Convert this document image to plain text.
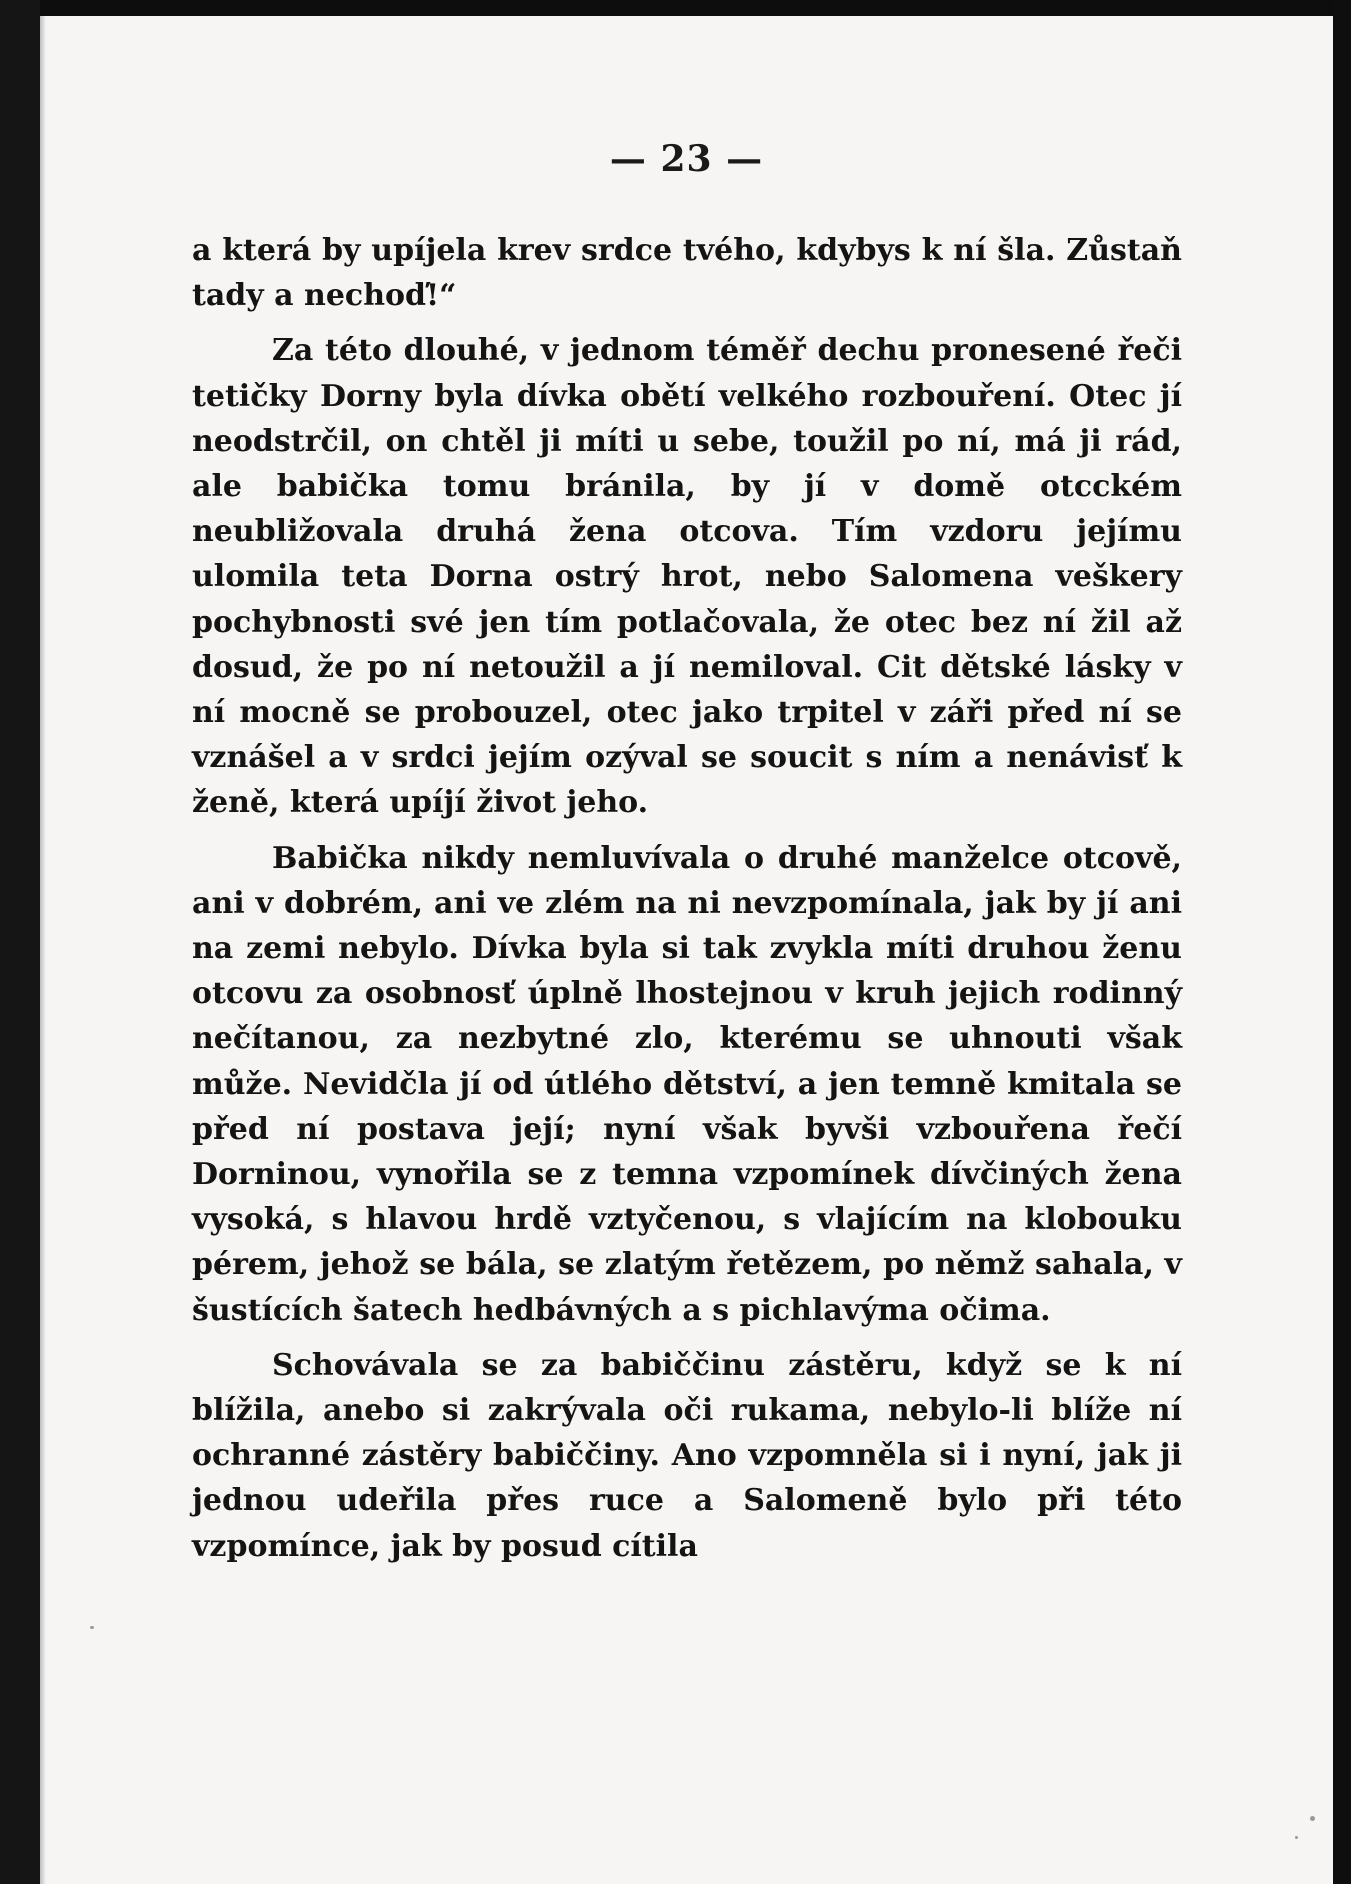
— 23 —

a která by upíjela krev srdce tvého, kdybys k ní šla. Zůstaň tady a nechoď!“

Za této dlouhé, v jednom téměř dechu pronesené řeči tetičky Dorny byla dívka obětí velkého rozbouření. Otec jí neodstrčil, on chtěl ji míti u sebe, toužil po ní, má ji rád, ale babička tomu bránila, by jí v domě otcckém neubližovala druhá žena otcova. Tím vzdoru jejímu ulomila teta Dorna ostrý hrot, nebo Salomena veškery pochybnosti své jen tím potlačovala, že otec bez ní žil až dosud, že po ní netoužil a jí nemiloval. Cit dětské lásky v ní mocně se probouzel, otec jako trpitel v záři před ní se vznášel a v srdci jejím ozýval se soucit s ním a nenávisť k ženě, která upíjí život jeho.

Babička nikdy nemluvívala o druhé manželce otcově, ani v dobrém, ani ve zlém na ni nevzpomínala, jak by jí ani na zemi nebylo. Dívka byla si tak zvykla míti druhou ženu otcovu za osobnosť úplně lhostejnou v kruh jejich rodinný nečítanou, za nezbytné zlo, kterému se uhnouti však může. Nevidčla jí od útlého dětství, a jen temně kmitala se před ní postava její; nyní však byvši vzbouřena řečí Dorninou, vynořila se z temna vzpomínek dívčiných žena vysoká, s hlavou hrdě vztyčenou, s vlajícím na klobouku pérem, jehož se bála, se zlatým řetězem, po němž sahala, v šustících šatech hedbávných a s pichlavýma očima.

Schovávala se za babiččinu zástěru, když se k ní blížila, anebo si zakrývala oči rukama, nebylo-li blíže ní ochranné zástěry babiččiny. Ano vzpomněla si i nyní, jak ji jednou udeřila přes ruce a Salomeně bylo při této vzpomínce, jak by posud cítila
